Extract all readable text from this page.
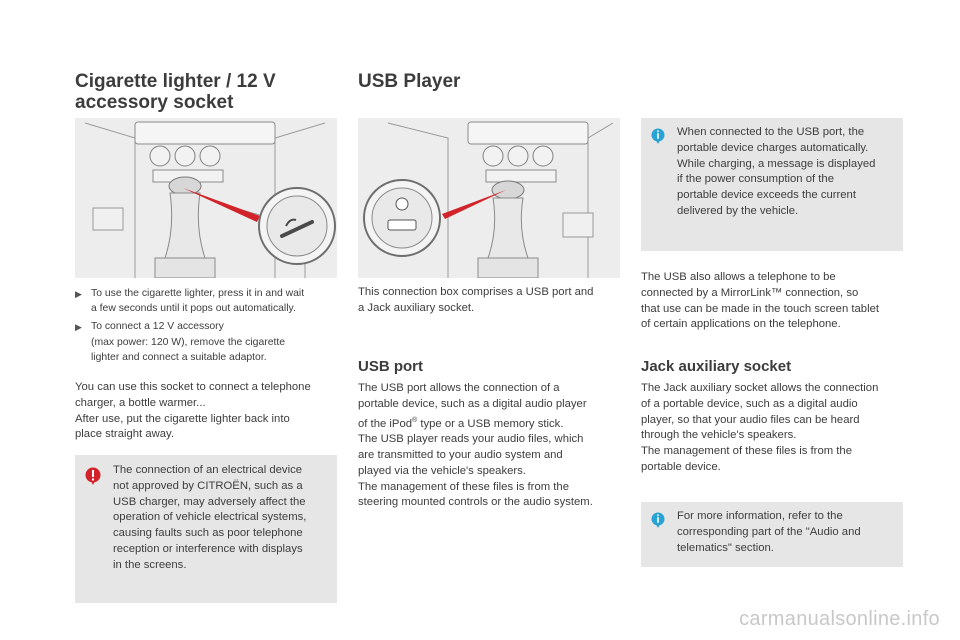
Cigarette lighter / 12 V
accessory socket
▶ To use the cigarette lighter, press it in and wait
a few seconds until it pops out automatically.
▶ To connect a 12 V accessory
(max power: 120 W), remove the cigarette
lighter and connect a suitable adaptor.

You can use this socket to connect a telephone
charger, a bottle warmer...
After use, put the cigarette lighter back into
place straight away.

The connection of an electrical device
not approved by CITROËN, such as a
USB charger, may adversely affect the
operation of vehicle electrical systems,
causing faults such as poor telephone
reception or interference with displays
in the screens.

USB Player

This connection box comprises a USB port and
a Jack auxiliary socket.

USB port

The USB port allows the connection of a
portable device, such as a digital audio player
of the iPod® type or a USB memory stick.
The USB player reads your audio files, which
are transmitted to your audio system and
played via the vehicle's speakers.
The management of these files is from the
steering mounted controls or the audio system.

When connected to the USB port, the
portable device charges automatically.
While charging, a message is displayed
if the power consumption of the
portable device exceeds the current
delivered by the vehicle.

The USB also allows a telephone to be
connected by a MirrorLink™ connection, so
that use can be made in the touch screen tablet
of certain applications on the telephone.

Jack auxiliary socket

The Jack auxiliary socket allows the connection
of a portable device, such as a digital audio
player, so that your audio files can be heard
through the vehicle's speakers.
The management of these files is from the
portable device.

For more information, refer to the
corresponding part of the "Audio and
telematics" section.

carmanualsonline.info
